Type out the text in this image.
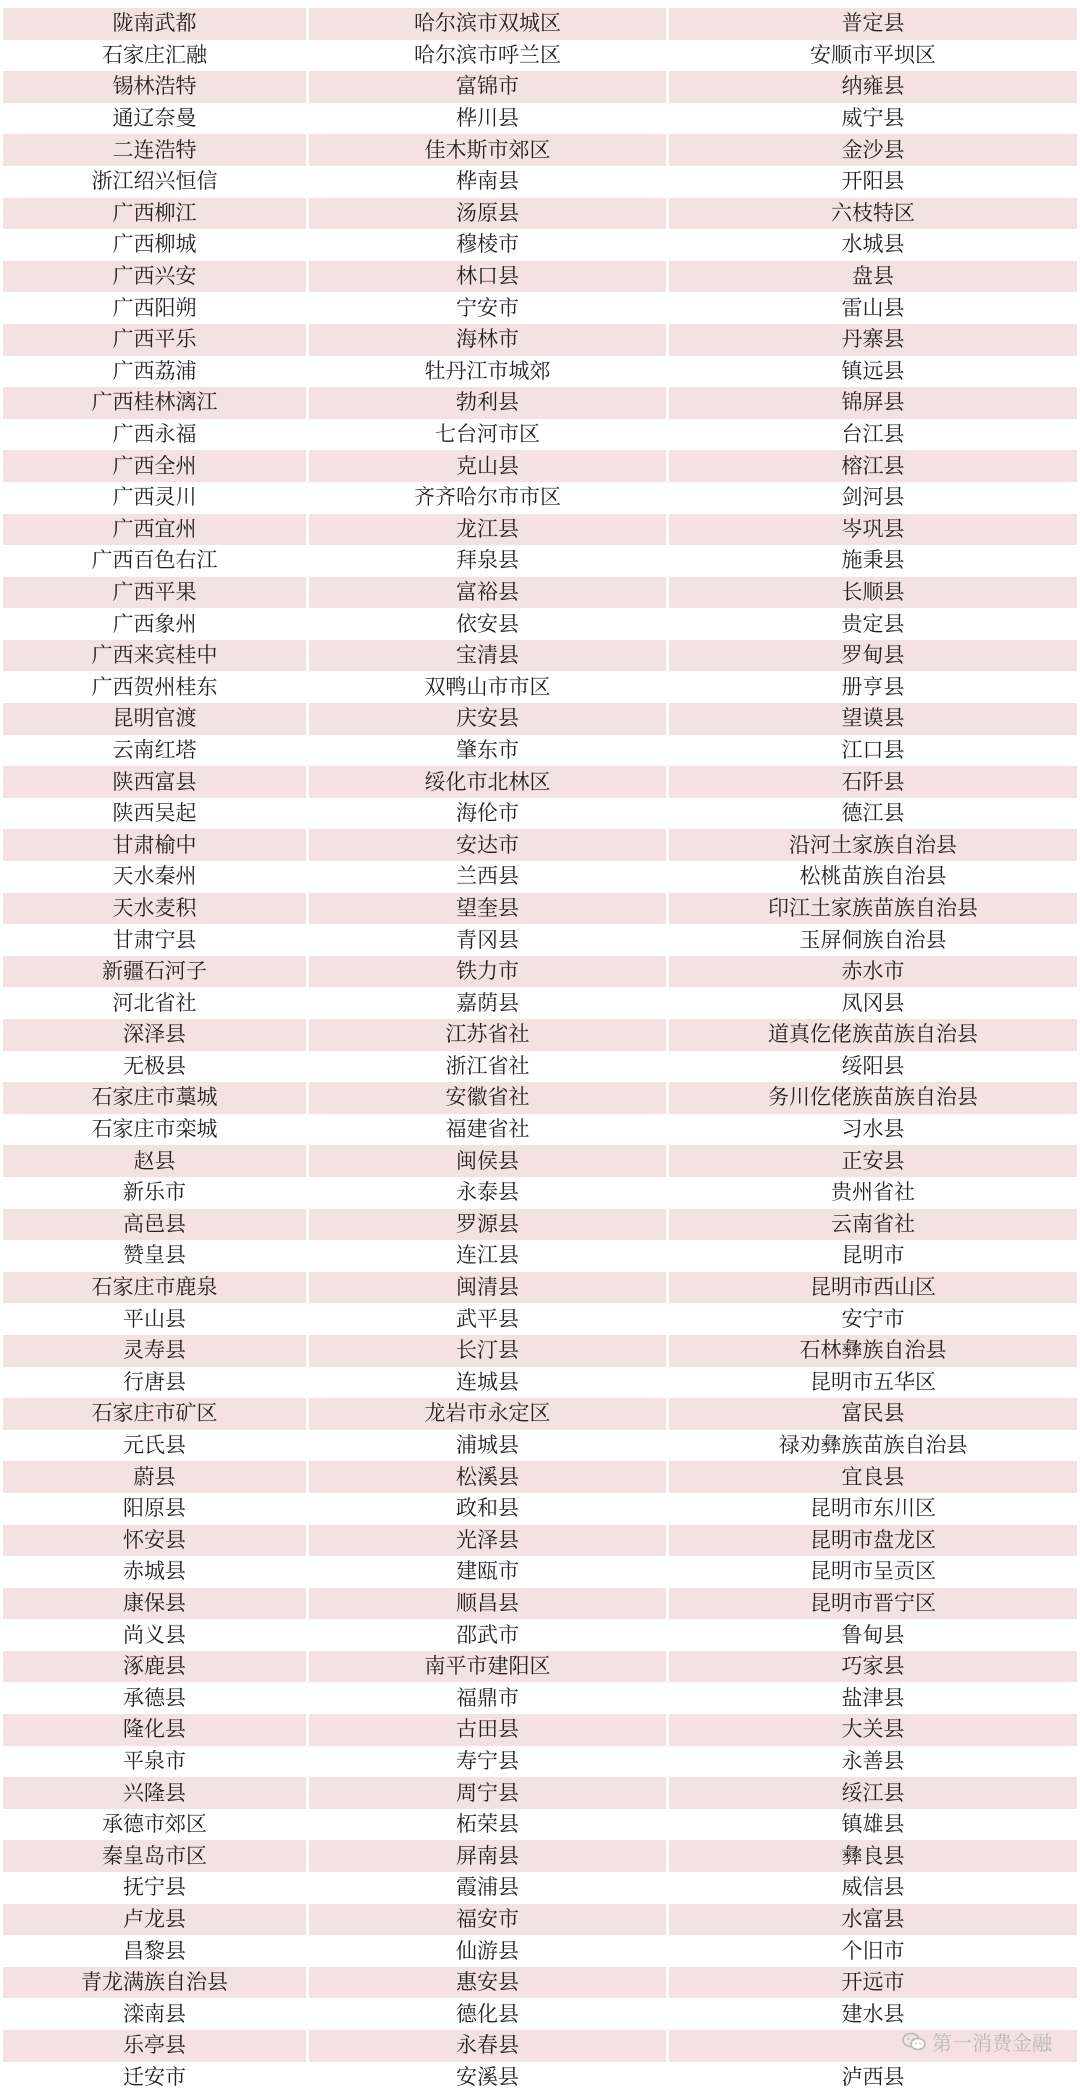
陇南武都	哈尔滨市双城区	普定县
石家庄汇融	哈尔滨市呼兰区	安顺市平坝区
锡林浩特	富锦市	纳雍县
通辽奈曼	桦川县	威宁县
二连浩特	佳木斯市郊区	金沙县
浙江绍兴恒信	桦南县	开阳县
广西柳江	汤原县	六枝特区
广西柳城	穆棱市	水城县
广西兴安	林口县	盘县
广西阳朔	宁安市	雷山县
广西平乐	海林市	丹寨县
广西荔浦	牡丹江市城郊	镇远县
广西桂林漓江	勃利县	锦屏县
广西永福	七台河市区	台江县
广西全州	克山县	榕江县
广西灵川	齐齐哈尔市市区	剑河县
广西宜州	龙江县	岑巩县
广西百色右江	拜泉县	施秉县
广西平果	富裕县	长顺县
广西象州	依安县	贵定县
广西来宾桂中	宝清县	罗甸县
广西贺州桂东	双鸭山市市区	册亨县
昆明官渡	庆安县	望谟县
云南红塔	肇东市	江口县
陕西富县	绥化市北林区	石阡县
陕西吴起	海伦市	德江县
甘肃榆中	安达市	沿河土家族自治县
天水秦州	兰西县	松桃苗族自治县
天水麦积	望奎县	印江土家族苗族自治县
甘肃宁县	青冈县	玉屏侗族自治县
新疆石河子	铁力市	赤水市
河北省社	嘉荫县	凤冈县
深泽县	江苏省社	道真仡佬族苗族自治县
无极县	浙江省社	绥阳县
石家庄市藁城	安徽省社	务川仡佬族苗族自治县
石家庄市栾城	福建省社	习水县
赵县	闽侯县	正安县
新乐市	永泰县	贵州省社
高邑县	罗源县	云南省社
赞皇县	连江县	昆明市
石家庄市鹿泉	闽清县	昆明市西山区
平山县	武平县	安宁市
灵寿县	长汀县	石林彝族自治县
行唐县	连城县	昆明市五华区
石家庄市矿区	龙岩市永定区	富民县
元氏县	浦城县	禄劝彝族苗族自治县
蔚县	松溪县	宜良县
阳原县	政和县	昆明市东川区
怀安县	光泽县	昆明市盘龙区
赤城县	建瓯市	昆明市呈贡区
康保县	顺昌县	昆明市晋宁区
尚义县	邵武市	鲁甸县
涿鹿县	南平市建阳区	巧家县
承德县	福鼎市	盐津县
隆化县	古田县	大关县
平泉市	寿宁县	永善县
兴隆县	周宁县	绥江县
承德市郊区	柘荣县	镇雄县
秦皇岛市区	屏南县	彝良县
抚宁县	霞浦县	威信县
卢龙县	福安市	水富县
昌黎县	仙游县	个旧市
青龙满族自治县	惠安县	开远市
滦南县	德化县	建水县
乐亭县	永春县
迁安市	安溪县	泸西县
第一消费金融
